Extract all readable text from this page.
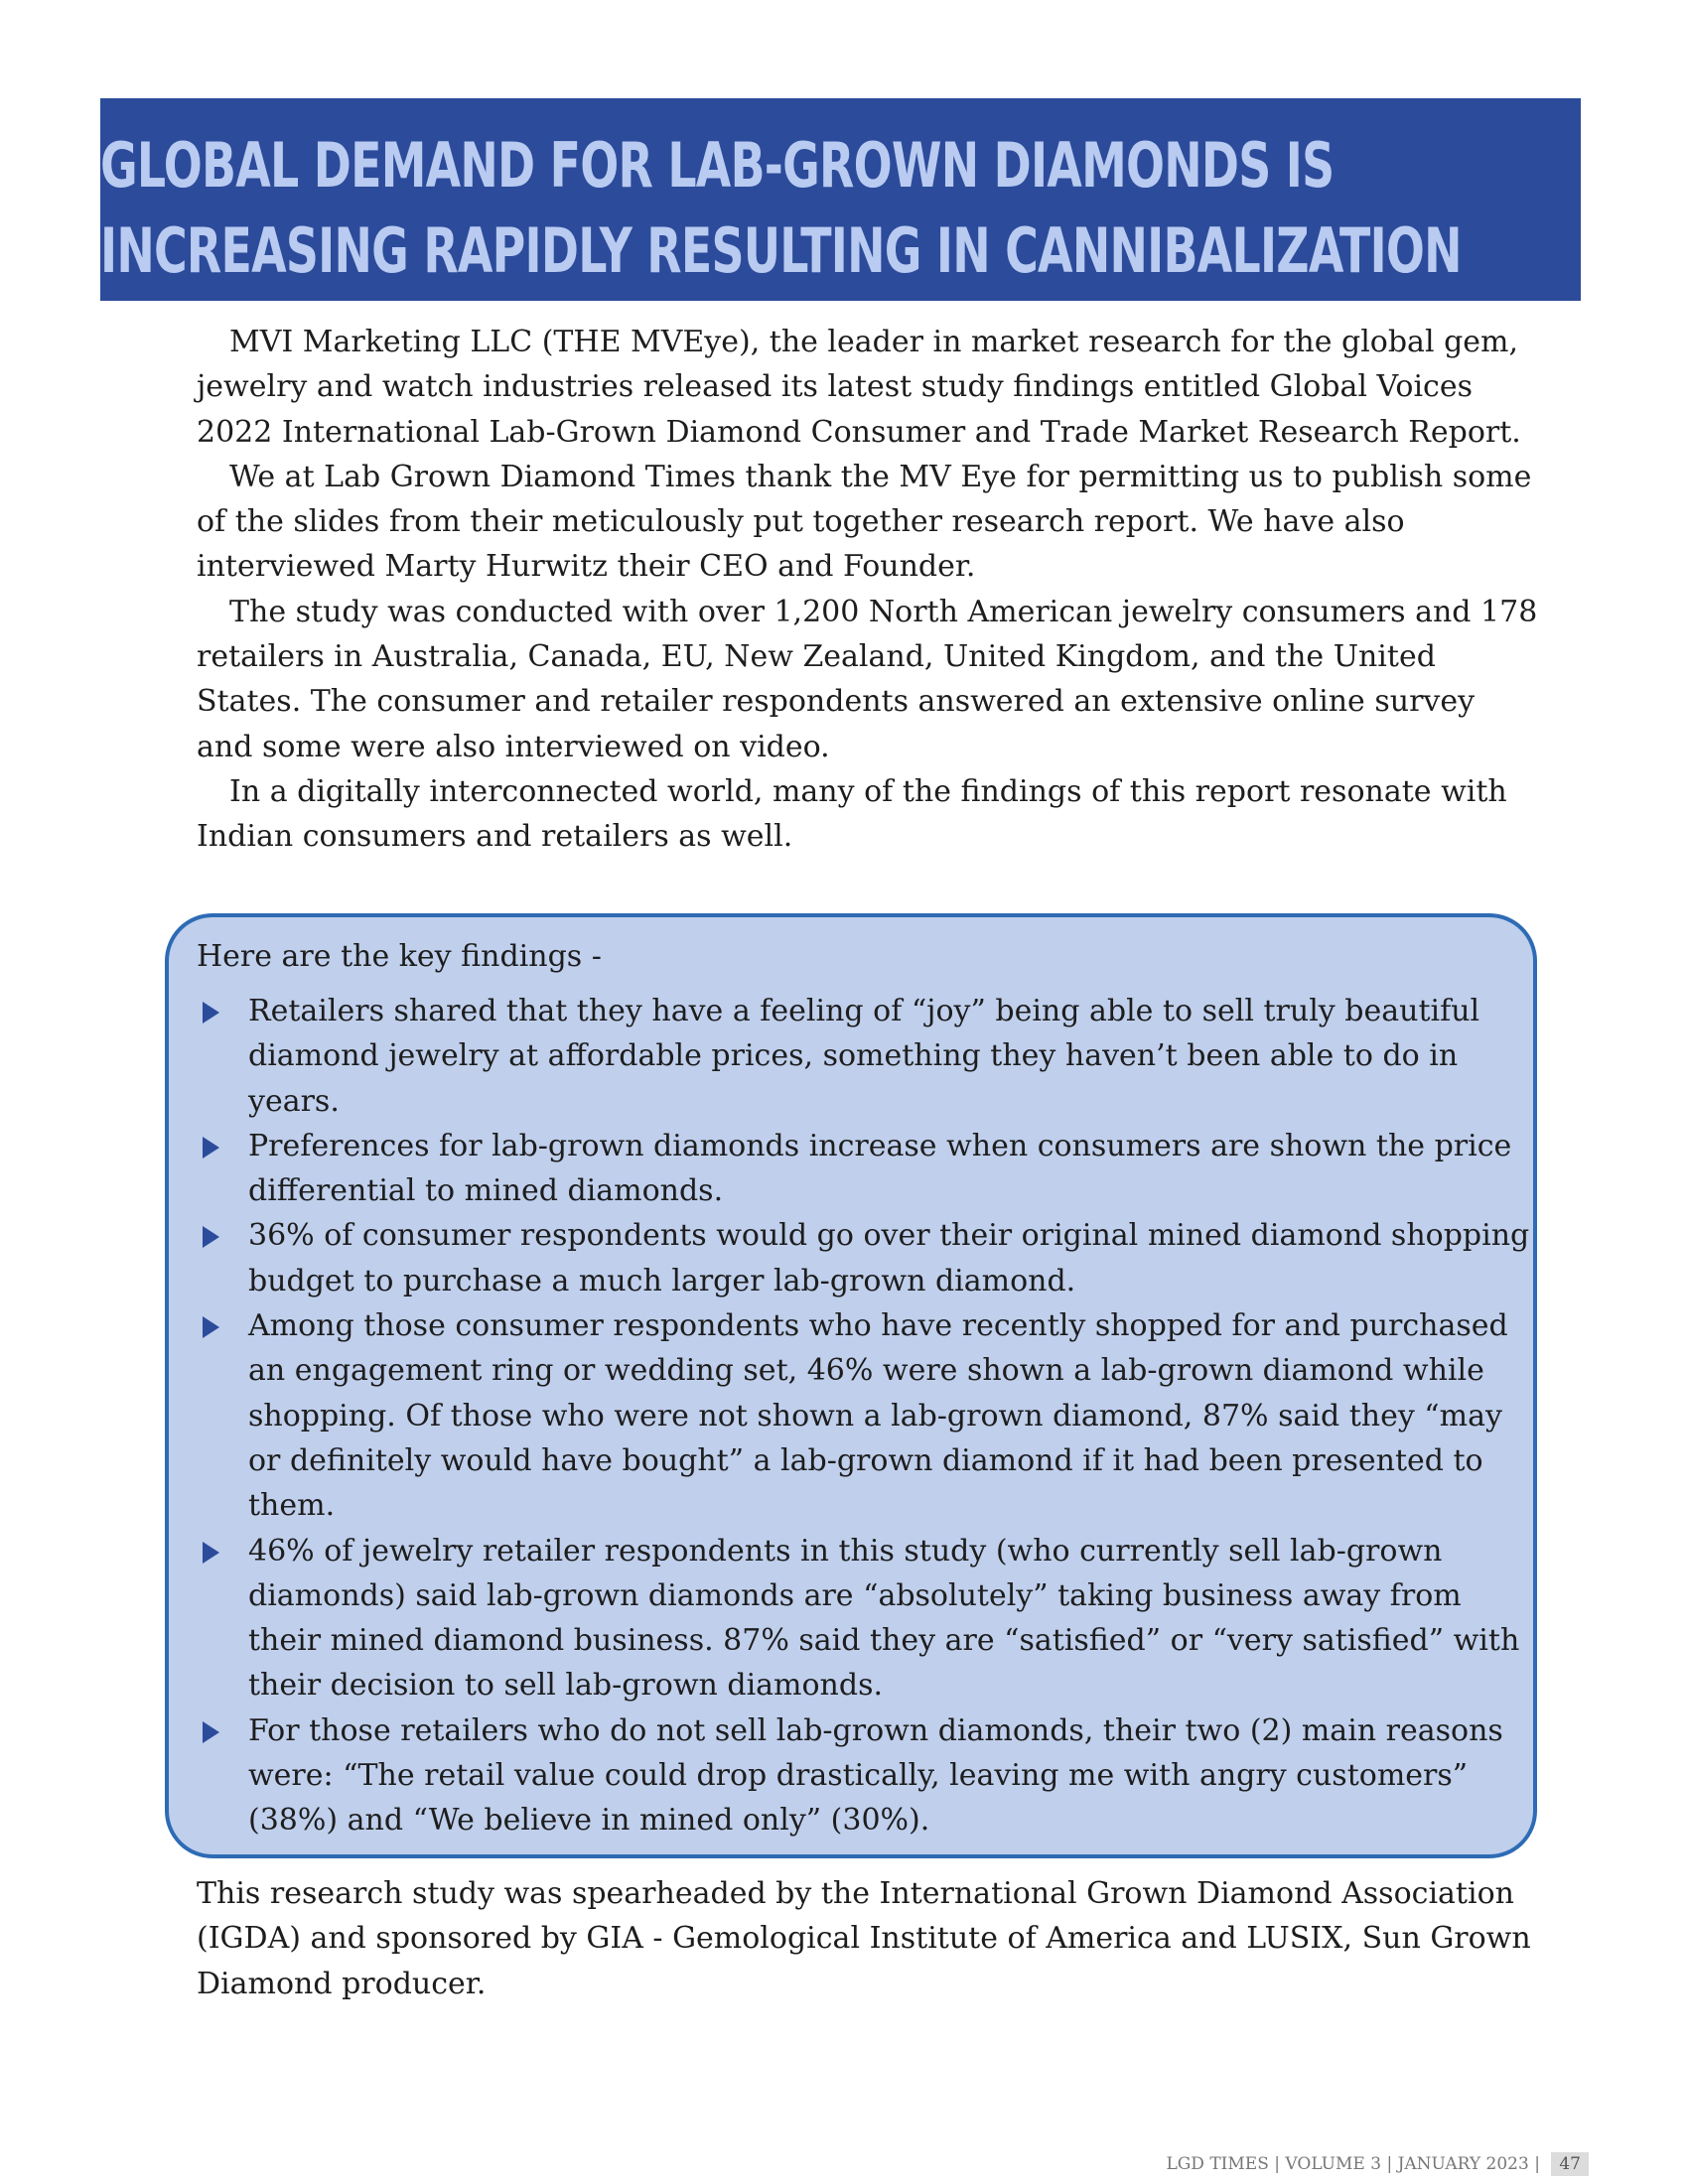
GLOBAL DEMAND FOR LAB-GROWN DIAMONDS IS
INCREASING RAPIDLY RESULTING IN CANNIBALIZATION

MVI Marketing LLC (THE MVEye), the leader in market research for the global gem, jewelry and watch industries released its latest study findings entitled Global Voices 2022 International Lab-Grown Diamond Consumer and Trade Market Research Report.

We at Lab Grown Diamond Times thank the MV Eye for permitting us to publish some of the slides from their meticulously put together research report. We have also interviewed Marty Hurwitz their CEO and Founder.

The study was conducted with over 1,200 North American jewelry consumers and 178 retailers in Australia, Canada, EU, New Zealand, United Kingdom, and the United States. The consumer and retailer respondents answered an extensive online survey and some were also interviewed on video.

In a digitally interconnected world, many of the findings of this report resonate with Indian consumers and retailers as well.

Here are the key findings -
Retailers shared that they have a feeling of “joy” being able to sell truly beautiful diamond jewelry at affordable prices, something they haven’t been able to do in years.
Preferences for lab-grown diamonds increase when consumers are shown the price differential to mined diamonds.
36% of consumer respondents would go over their original mined diamond shopping budget to purchase a much larger lab-grown diamond.
Among those consumer respondents who have recently shopped for and purchased an engagement ring or wedding set, 46% were shown a lab-grown diamond while shopping. Of those who were not shown a lab-grown diamond, 87% said they “may or definitely would have bought” a lab-grown diamond if it had been presented to them.
46% of jewelry retailer respondents in this study (who currently sell lab-grown diamonds) said lab-grown diamonds are “absolutely” taking business away from their mined diamond business. 87% said they are “satisfied” or “very satisfied” with their decision to sell lab-grown diamonds.
For those retailers who do not sell lab-grown diamonds, their two (2) main reasons were: “The retail value could drop drastically, leaving me with angry customers” (38%) and “We believe in mined only” (30%).

This research study was spearheaded by the International Grown Diamond Association (IGDA) and sponsored by GIA - Gemological Institute of America and LUSIX, Sun Grown Diamond producer.

LGD TIMES | VOLUME 3 | JANUARY 2023 | 47
